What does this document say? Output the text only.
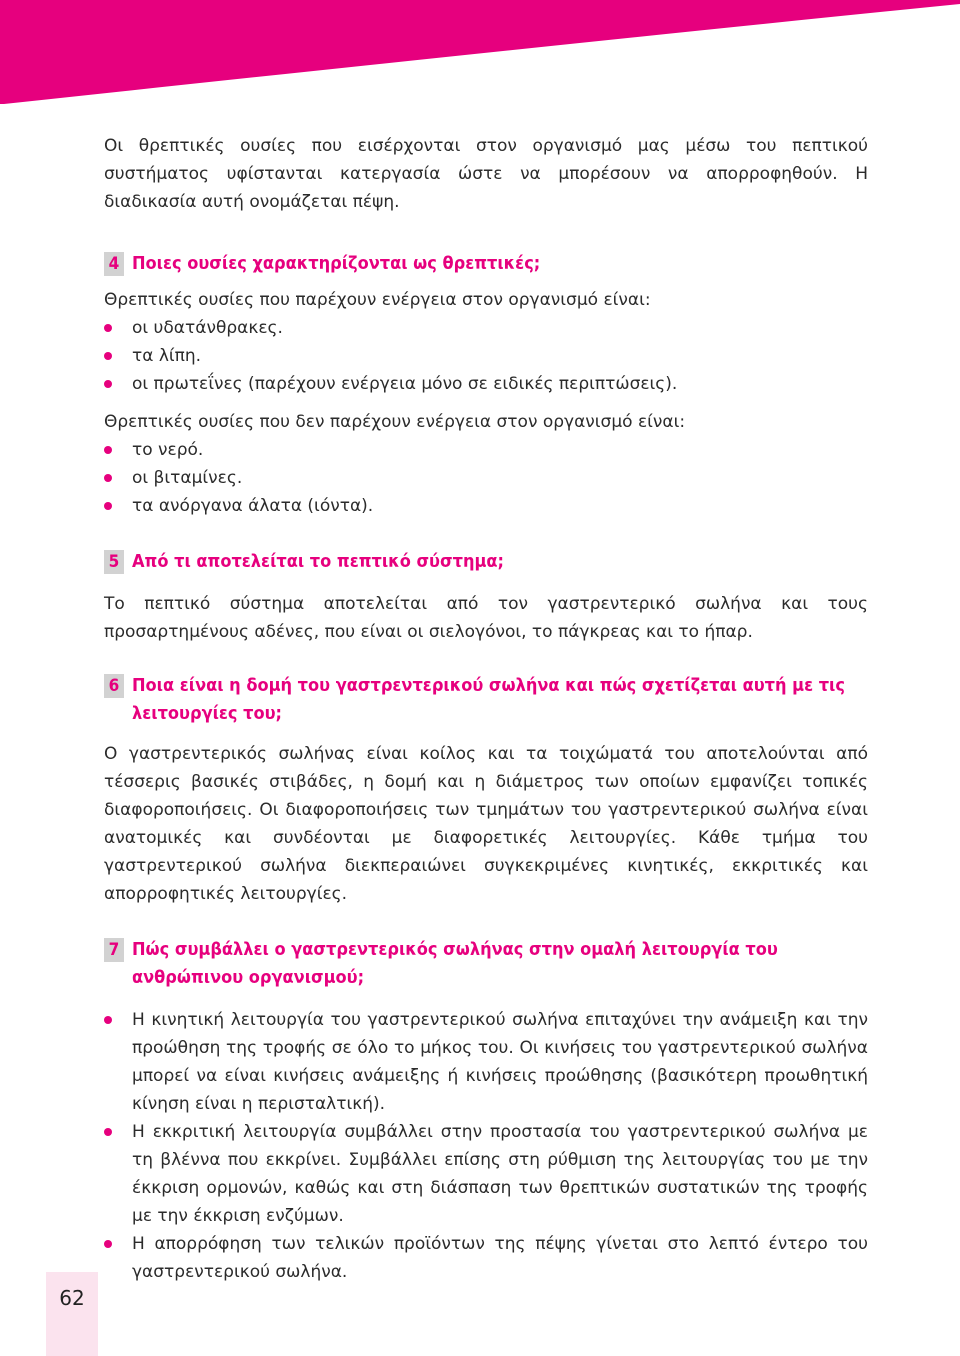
Οι θρεπτικές ουσίες που εισέρχονται στον οργανισμό μας μέσω του πεπτικού συστήματος υφίστανται κατεργασία ώστε να μπορέσουν να απορροφηθούν. Η διαδικασία αυτή ονομάζεται πέψη.

4 Ποιες ουσίες χαρακτηρίζονται ως θρεπτικές;

Θρεπτικές ουσίες που παρέχουν ενέργεια στον οργανισμό είναι:

οι υδατάνθρακες.
τα λίπη.
οι πρωτεΐνες (παρέχουν ενέργεια μόνο σε ειδικές περιπτώσεις).

Θρεπτικές ουσίες που δεν παρέχουν ενέργεια στον οργανισμό είναι:

το νερό.
οι βιταμίνες.
τα ανόργανα άλατα (ιόντα).
5 Από τι αποτελείται το πεπτικό σύστημα;

Το πεπτικό σύστημα αποτελείται από τον γαστρεντερικό σωλήνα και τους προσαρτημένους αδένες, που είναι οι σιελογόνοι, το πάγκρεας και το ήπαρ.

6 Ποια είναι η δομή του γαστρεντερικού σωλήνα και πώς σχετίζεται αυτή με τις λειτουργίες του;

Ο γαστρεντερικός σωλήνας είναι κοίλος και τα τοιχώματά του αποτελούνται από τέσσερις βασικές στιβάδες, η δομή και η διάμετρος των οποίων εμφανίζει τοπικές διαφοροποιήσεις. Οι διαφοροποιήσεις των τμημάτων του γαστρεντερικού σωλήνα είναι ανατομικές και συνδέονται με διαφορετικές λειτουργίες. Κάθε τμήμα του γαστρεντερικού σωλήνα διεκπεραιώνει συγκεκριμένες κινητικές, εκκριτικές και απορροφητικές λειτουργίες.

7 Πώς συμβάλλει ο γαστρεντερικός σωλήνας στην ομαλή λειτουργία του ανθρώπινου οργανισμού;
Η κινητική λειτουργία του γαστρεντερικού σωλήνα επιταχύνει την ανάμειξη και την προώθηση της τροφής σε όλο το μήκος του. Οι κινήσεις του γαστρεντερικού σωλήνα μπορεί να είναι κινήσεις ανάμειξης ή κινήσεις προώθησης (βασικότερη προωθητική κίνηση είναι η περισταλτική).
Η εκκριτική λειτουργία συμβάλλει στην προστασία του γαστρεντερικού σωλήνα με τη βλέννα που εκκρίνει. Συμβάλλει επίσης στη ρύθμιση της λειτουργίας του με την έκκριση ορμονών, καθώς και στη διάσπαση των θρεπτικών συστατικών της τροφής με την έκκριση ενζύμων.
Η απορρόφηση των τελικών προϊόντων της πέψης γίνεται στο λεπτό έντερο του γαστρεντερικού σωλήνα.
62
